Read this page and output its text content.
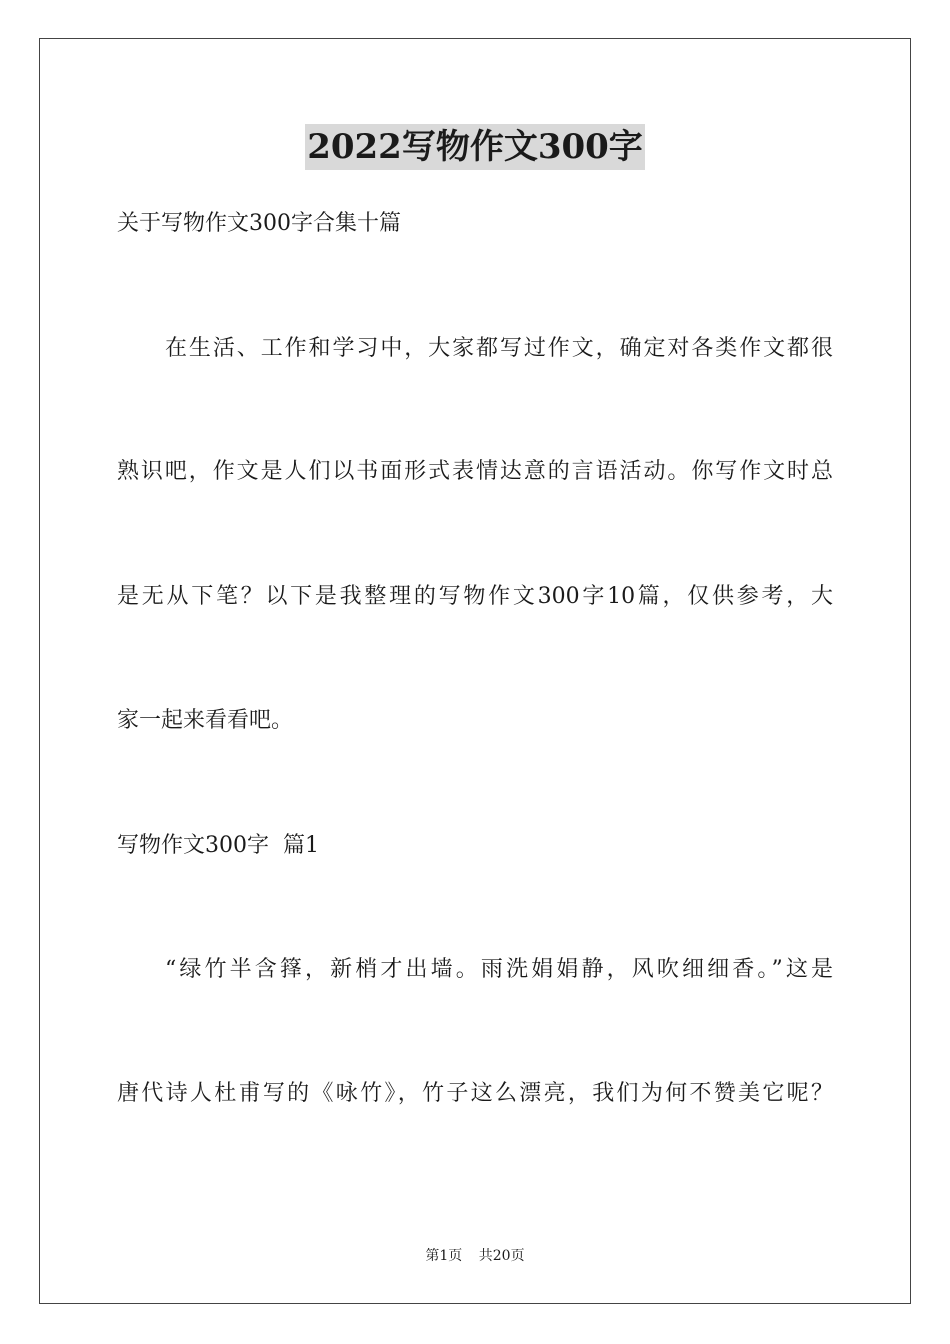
2022写物作文300字
关于写物作文300字合集十篇
在生活、工作和学习中，大家都写过作文，确定对各类作文都很
熟识吧，作文是人们以书面形式表情达意的言语活动。你写作文时总
是无从下笔？以下是我整理的写物作文300字10篇，仅供参考，大
家一起来看看吧。
写物作文300字  篇1
“绿竹半含箨，新梢才出墙。雨洗娟娟静，风吹细细香。”这是
唐代诗人杜甫写的《咏竹》，竹子这么漂亮，我们为何不赞美它呢？
第1页 共20页
